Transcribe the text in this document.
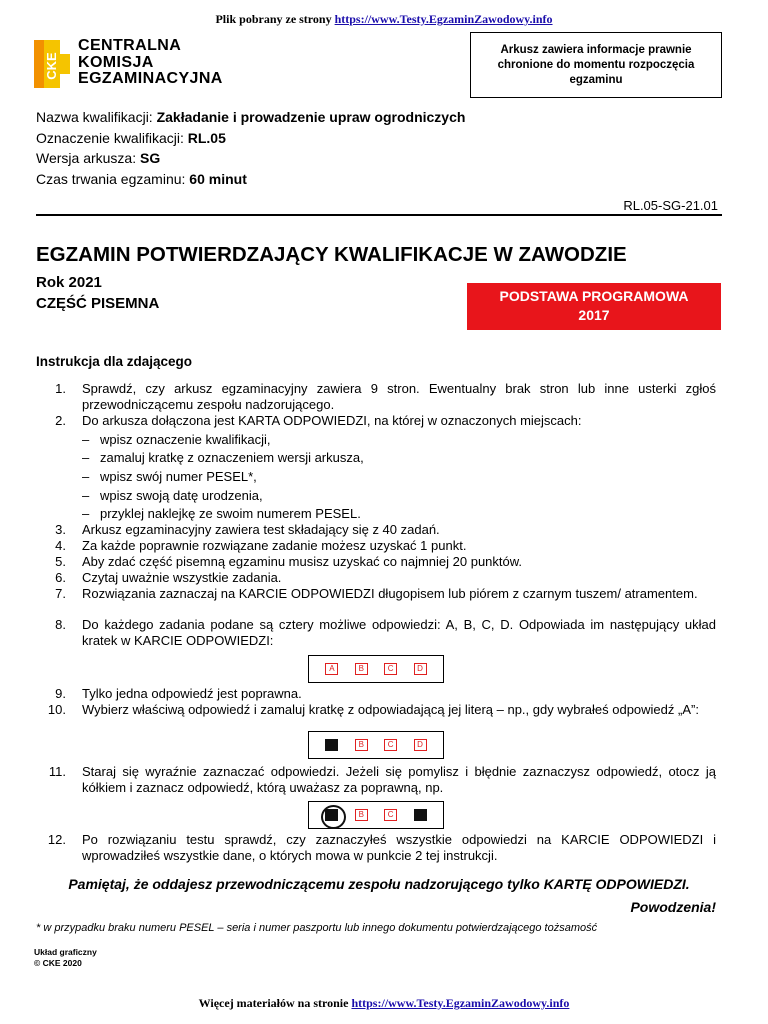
Plik pobrany ze strony https://www.Testy.EgzaminZawodowy.info
CKE
CENTRALNA
KOMISJA
EGZAMINACYJNA
Arkusz zawiera informacje prawnie chronione do momentu rozpoczęcia egzaminu
Nazwa kwalifikacji: Zakładanie i prowadzenie upraw ogrodniczych
Oznaczenie kwalifikacji: RL.05
Wersja arkusza: SG
Czas trwania egzaminu: 60 minut
RL.05-SG-21.01
EGZAMIN POTWIERDZAJĄCY KWALIFIKACJE W ZAWODZIE
Rok 2021
CZĘŚĆ PISEMNA	PODSTAWA PROGRAMOWA
2017
Instrukcja dla zdającego
1. Sprawdź, czy arkusz egzaminacyjny zawiera 9 stron. Ewentualny brak stron lub inne usterki zgłoś przewodniczącemu zespołu nadzorującego.
2. Do arkusza dołączona jest KARTA ODPOWIEDZI, na której w oznaczonych miejscach:
– wpisz oznaczenie kwalifikacji,
– zamaluj kratkę z oznaczeniem wersji arkusza,
– wpisz swój numer PESEL*,
– wpisz swoją datę urodzenia,
– przyklej naklejkę ze swoim numerem PESEL.
3. Arkusz egzaminacyjny zawiera test składający się z 40 zadań.
4. Za każde poprawnie rozwiązane zadanie możesz uzyskać 1 punkt.
5. Aby zdać część pisemną egzaminu musisz uzyskać co najmniej 20 punktów.
6. Czytaj uważnie wszystkie zadania.
7. Rozwiązania zaznaczaj na KARCIE ODPOWIEDZI długopisem lub piórem z czarnym tuszem/ atramentem.
8. Do każdego zadania podane są cztery możliwe odpowiedzi: A, B, C, D. Odpowiada im następujący układ kratek w KARCIE ODPOWIEDZI:
A	B	C	D
9. Tylko jedna odpowiedź jest poprawna.
10. Wybierz właściwą odpowiedź i zamaluj kratkę z odpowiadającą jej literą – np., gdy wybrałeś odpowiedź „A”:
A	B	C	D
11. Staraj się wyraźnie zaznaczać odpowiedzi. Jeżeli się pomylisz i błędnie zaznaczysz odpowiedź, otocz ją kółkiem i zaznacz odpowiedź, którą uważasz za poprawną, np.
A	B	C	D
12. Po rozwiązaniu testu sprawdź, czy zaznaczyłeś wszystkie odpowiedzi na KARCIE ODPOWIEDZI i wprowadziłeś wszystkie dane, o których mowa w punkcie 2 tej instrukcji.
Pamiętaj, że oddajesz przewodniczącemu zespołu nadzorującego tylko KARTĘ ODPOWIEDZI.
Powodzenia!
* w przypadku braku numeru PESEL – seria i numer paszportu lub innego dokumentu potwierdzającego tożsamość
Układ graficzny
© CKE 2020
Więcej materiałów na stronie https://www.Testy.EgzaminZawodowy.info
